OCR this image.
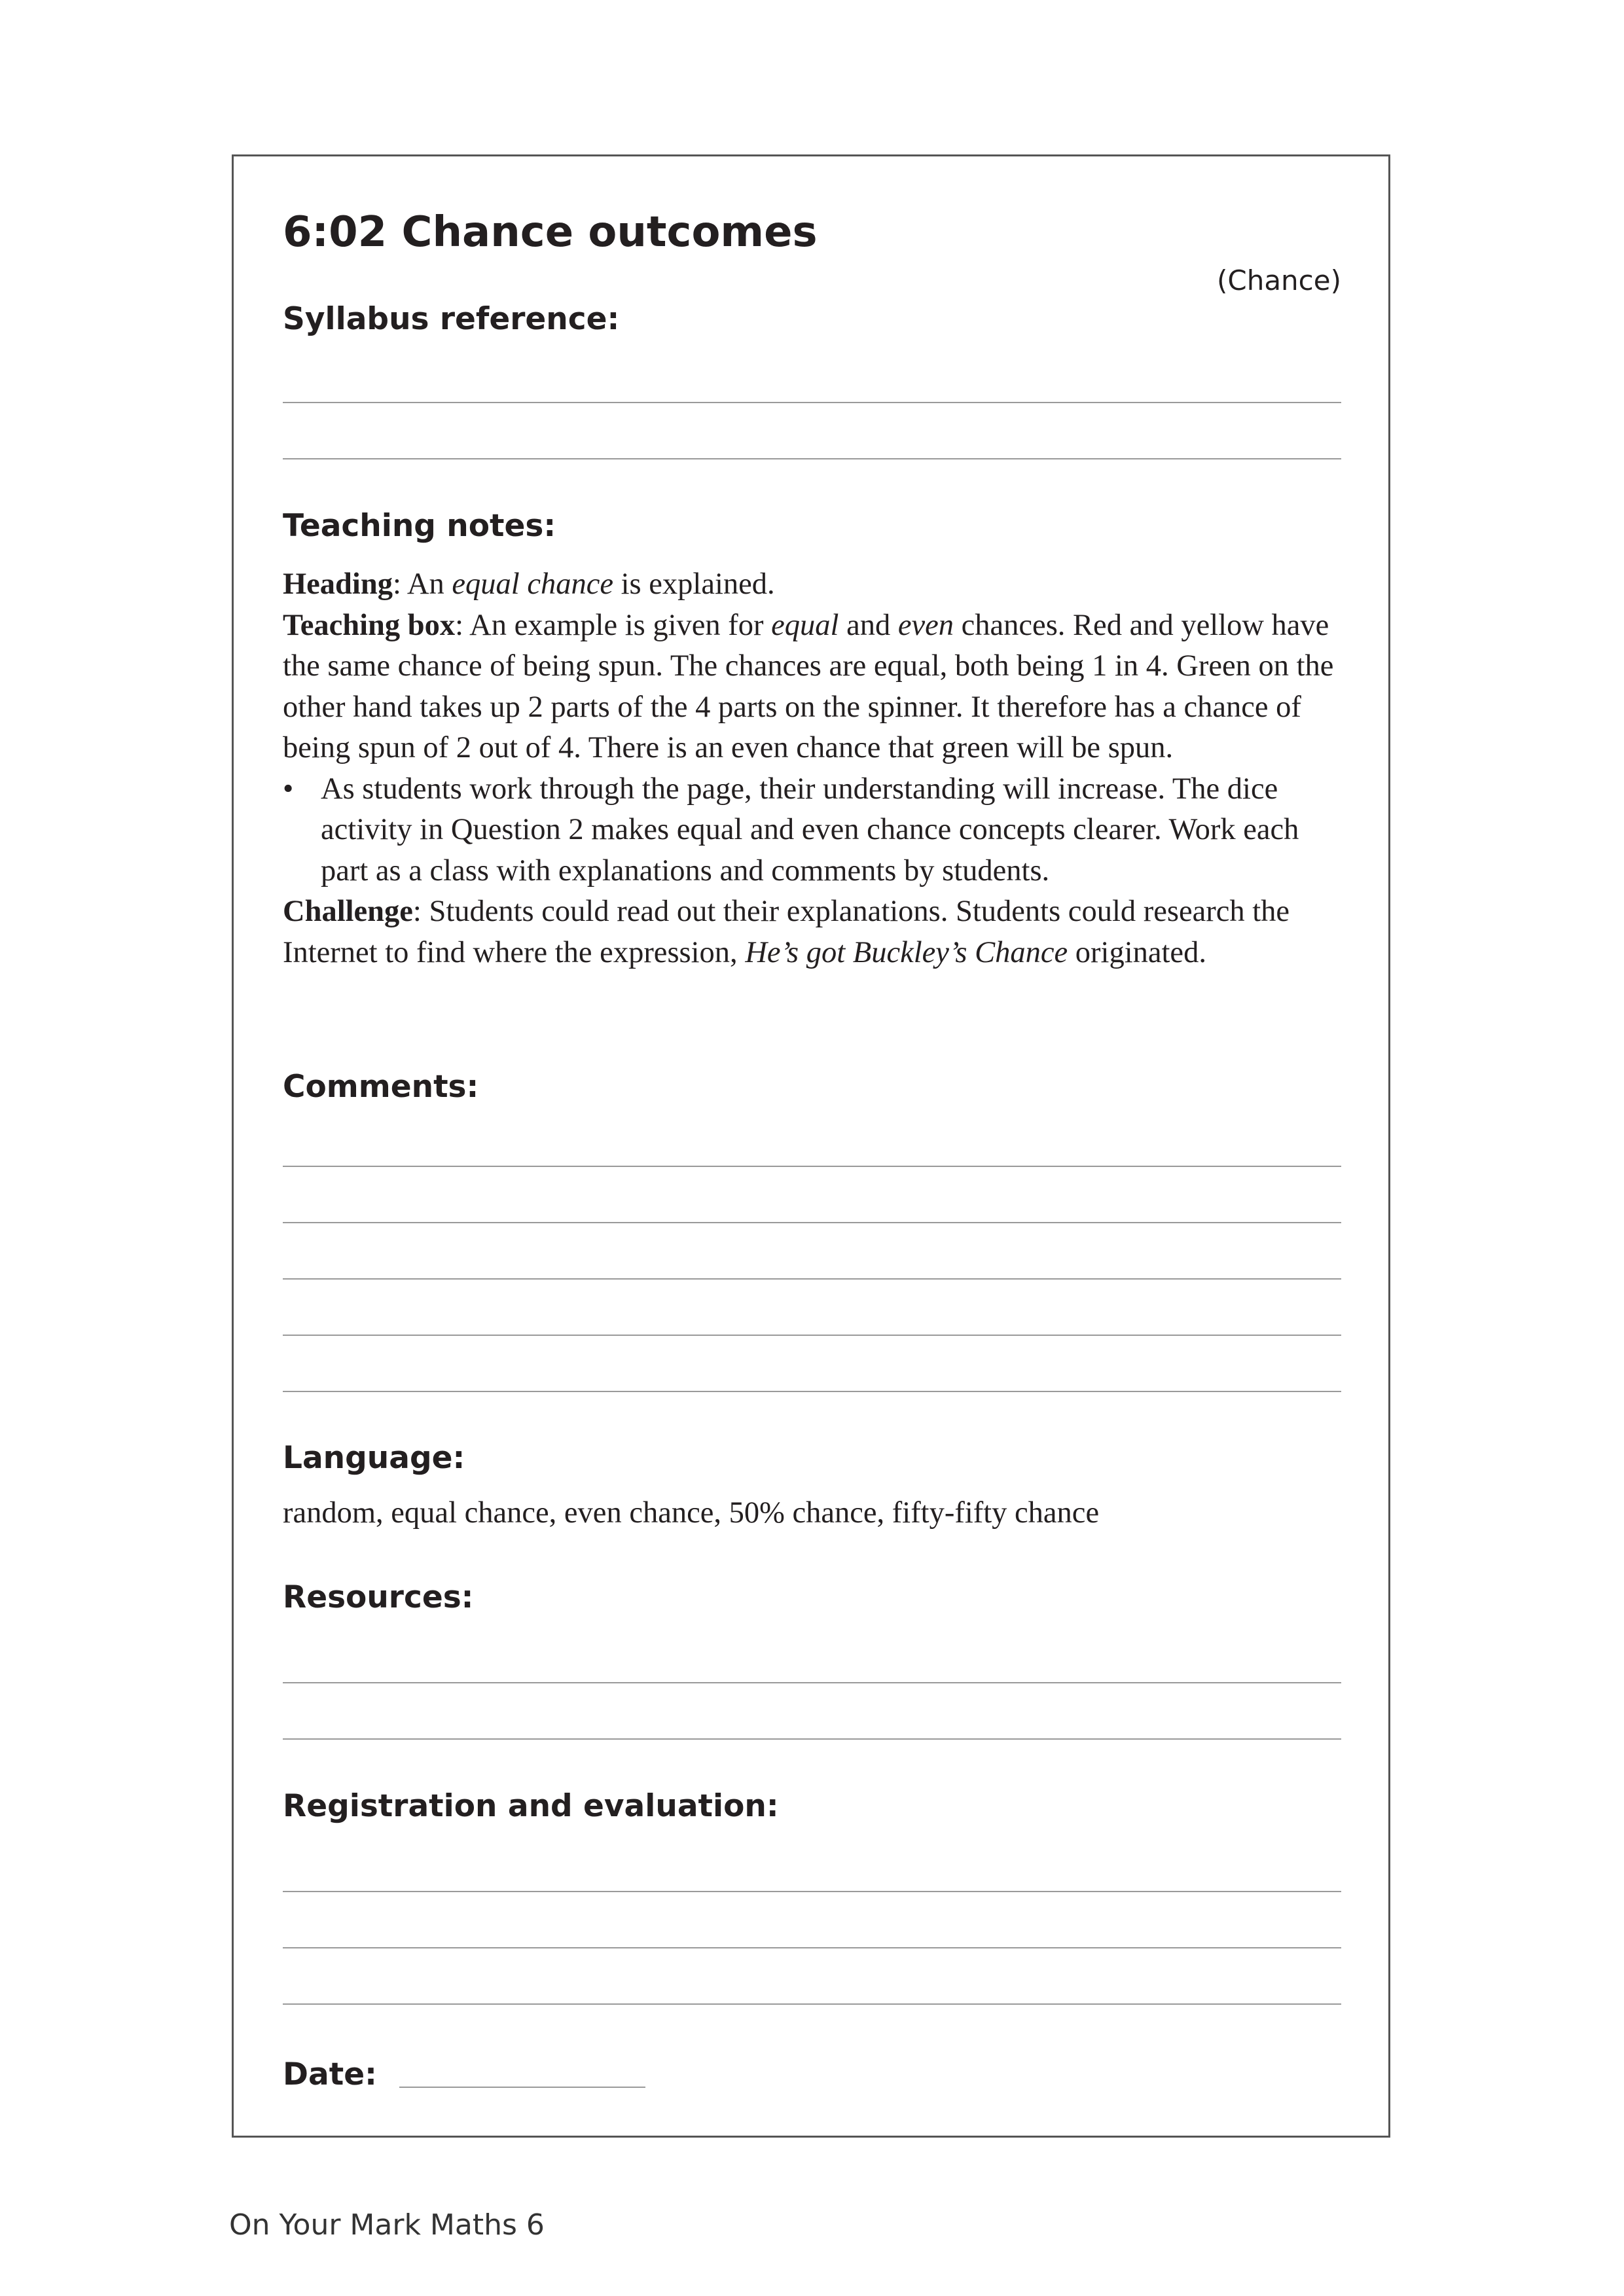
6:02 Chance outcomes
(Chance)
Syllabus reference:
Teaching notes:

Heading: An equal chance is explained.

Teaching box: An example is given for equal and even chances. Red and yellow have the same chance of being spun. The chances are equal, both being 1 in 4. Green on the other hand takes up 2 parts of the 4 parts on the spinner. It therefore has a chance of being spun of 2 out of 4. There is an even chance that green will be spun.

• As students work through the page, their understanding will increase. The dice activity in Question 2 makes equal and even chance concepts clearer. Work each part as a class with explanations and comments by students.

Challenge: Students could read out their explanations. Students could research the Internet to find where the expression, He’s got Buckley’s Chance originated.

Comments:
Language:
random, equal chance, even chance, 50% chance, fifty-fifty chance
Resources:
Registration and evaluation:
Date:
On Your Mark Maths 6
